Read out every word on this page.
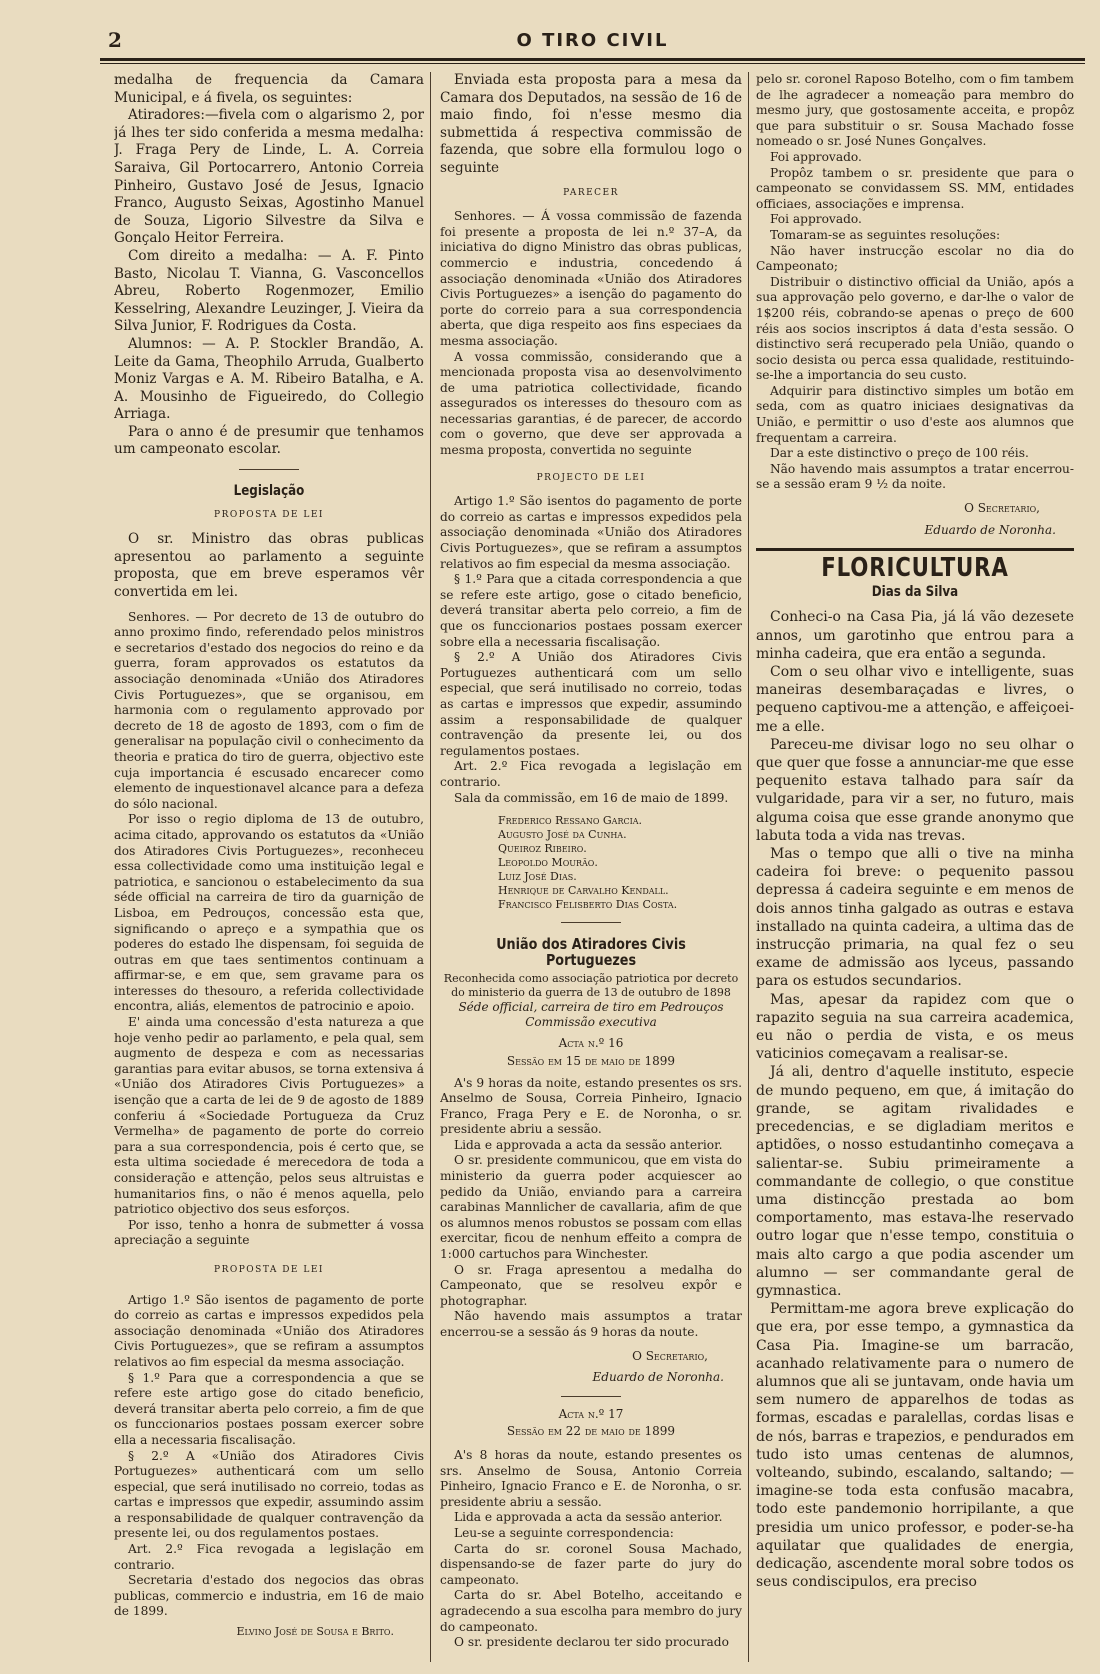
2	O TIRO CIVIL

medalha de frequencia da Camara Municipal, e á fivela, os seguintes:

Atiradores:—fivela com o algarismo 2, por já lhes ter sido conferida a mesma medalha: J. Fraga Pery de Linde, L. A. Correia Saraiva, Gil Portocarrero, Antonio Correia Pinheiro, Gustavo José de Jesus, Ignacio Franco, Augusto Seixas, Agostinho Manuel de Souza, Ligorio Silvestre da Silva e Gonçalo Heitor Ferreira.

Com direito a medalha: — A. F. Pinto Basto, Nicolau T. Vianna, G. Vasconcellos Abreu, Roberto Rogenmozer, Emilio Kesselring, Alexandre Leuzinger, J. Vieira da Silva Junior, F. Rodrigues da Costa.

Alumnos: — A. P. Stockler Brandão, A. Leite da Gama, Theophilo Arruda, Gualberto Moniz Vargas e A. M. Ribeiro Batalha, e A. A. Mousinho de Figueiredo, do Collegio Arriaga.

Para o anno é de presumir que tenhamos um campeonato escolar.

Legislação
PROPOSTA DE LEI

O sr. Ministro das obras publicas apresentou ao parlamento a seguinte proposta, que em breve esperamos vêr convertida em lei.

Senhores. — Por decreto de 13 de outubro do anno proximo findo, referendado pelos ministros e secretarios d'estado dos negocios do reino e da guerra, foram approvados os estatutos da associação denominada «União dos Atiradores Civis Portuguezes», que se organisou, em harmonia com o regulamento approvado por decreto de 18 de agosto de 1893, com o fim de generalisar na população civil o conhecimento da theoria e pratica do tiro de guerra, objectivo este cuja importancia é escusado encarecer como elemento de inquestionavel alcance para a defeza do sólo nacional.

Por isso o regio diploma de 13 de outubro, acima citado, approvando os estatutos da «União dos Atiradores Civis Portuguezes», reconheceu essa collectividade como uma instituição legal e patriotica, e sancionou o estabelecimento da sua séde official na carreira de tiro da guarnição de Lisboa, em Pedrouços, concessão esta que, significando o apreço e a sympathia que os poderes do estado lhe dispensam, foi seguida de outras em que taes sentimentos continuam a affirmar-se, e em que, sem gravame para os interesses do thesouro, a referida collectividade encontra, aliás, elementos de patrocinio e apoio.

E' ainda uma concessão d'esta natureza a que hoje venho pedir ao parlamento, e pela qual, sem augmento de despeza e com as necessarias garantias para evitar abusos, se torna extensiva á «União dos Atiradores Civis Portuguezes» a isenção que a carta de lei de 9 de agosto de 1889 conferiu á «Sociedade Portugueza da Cruz Vermelha» de pagamento de porte do correio para a sua correspondencia, pois é certo que, se esta ultima sociedade é merecedora de toda a consideração e attenção, pelos seus altruistas e humanitarios fins, o não é menos aquella, pelo patriotico objectivo dos seus esforços.

Por isso, tenho a honra de submetter á vossa apreciação a seguinte

PROPOSTA DE LEI

Artigo 1.º São isentos de pagamento de porte do correio as cartas e impressos expedidos pela associação denominada «União dos Atiradores Civis Portuguezes», que se refiram a assumptos relativos ao fim especial da mesma associação.

§ 1.º Para que a correspondencia a que se refere este artigo gose do citado beneficio, deverá transitar aberta pelo correio, a fim de que os funccionarios postaes possam exercer sobre ella a necessaria fiscalisação.

§ 2.º A «União dos Atiradores Civis Portuguezes» authenticará com um sello especial, que será inutilisado no correio, todas as cartas e impressos que expedir, assumindo assim a responsabilidade de qualquer contravenção da presente lei, ou dos regulamentos postaes.

Art. 2.º Fica revogada a legislação em contrario.

Secretaria d'estado dos negocios das obras publicas, commercio e industria, em 16 de maio de 1899.

Elvino José de Sousa e Brito.

Enviada esta proposta para a mesa da Camara dos Deputados, na sessão de 16 de maio findo, foi n'esse mesmo dia submettida á respectiva commissão de fazenda, que sobre ella formulou logo o seguinte

PARECER

Senhores. — Á vossa commissão de fazenda foi presente a proposta de lei n.º 37–A, da iniciativa do digno Ministro das obras publicas, commercio e industria, concedendo á associação denominada «União dos Atiradores Civis Portuguezes» a isenção do pagamento do porte do correio para a sua correspondencia aberta, que diga respeito aos fins especiaes da mesma associação.

A vossa commissão, considerando que a mencionada proposta visa ao desenvolvimento de uma patriotica collectividade, ficando assegurados os interesses do thesouro com as necessarias garantias, é de parecer, de accordo com o governo, que deve ser approvada a mesma proposta, convertida no seguinte

PROJECTO DE LEI

Artigo 1.º São isentos do pagamento de porte do correio as cartas e impressos expedidos pela associação denominada «União dos Atiradores Civis Portuguezes», que se refiram a assumptos relativos ao fim especial da mesma associação.

§ 1.º Para que a citada correspondencia a que se refere este artigo, gose o citado beneficio, deverá transitar aberta pelo correio, a fim de que os funccionarios postaes possam exercer sobre ella a necessaria fiscalisação.

§ 2.º A União dos Atiradores Civis Portuguezes authenticará com um sello especial, que será inutilisado no correio, todas as cartas e impressos que expedir, assumindo assim a responsabilidade de qualquer contravenção da presente lei, ou dos regulamentos postaes.

Art. 2.º Fica revogada a legislação em contrario.

Sala da commissão, em 16 de maio de 1899.

Frederico Ressano Garcia.
Augusto José da Cunha.
Queiroz Ribeiro.
Leopoldo Mourão.
Luiz José Dias.
Henrique de Carvalho Kendall.
Francisco Felisberto Dias Costa.
União dos Atiradores Civis Portuguezes
Reconhecida como associação patriotica por decreto do ministerio da guerra de 13 de outubro de 1898
Séde official, carreira de tiro em Pedrouços
Commissão executiva
Acta n.º 16
Sessão em 15 de maio de 1899

A's 9 horas da noite, estando presentes os srs. Anselmo de Sousa, Correia Pinheiro, Ignacio Franco, Fraga Pery e E. de Noronha, o sr. presidente abriu a sessão.

Lida e approvada a acta da sessão anterior.

O sr. presidente communicou, que em vista do ministerio da guerra poder acquiescer ao pedido da União, enviando para a carreira carabinas Mannlicher de cavallaria, afim de que os alumnos menos robustos se possam com ellas exercitar, ficou de nenhum effeito a compra de 1:000 cartuchos para Winchester.

O sr. Fraga apresentou a medalha do Campeonato, que se resolveu expôr e photographar.

Não havendo mais assumptos a tratar encerrou-se a sessão ás 9 horas da noute.

O Secretario,
Eduardo de Noronha.
Acta n.º 17
Sessão em 22 de maio de 1899

A's 8 horas da noute, estando presentes os srs. Anselmo de Sousa, Antonio Correia Pinheiro, Ignacio Franco e E. de Noronha, o sr. presidente abriu a sessão.

Lida e approvada a acta da sessão anterior.

Leu-se a seguinte correspondencia:

Carta do sr. coronel Sousa Machado, dispensando-se de fazer parte do jury do campeonato.

Carta do sr. Abel Botelho, acceitando e agradecendo a sua escolha para membro do jury do campeonato.

O sr. presidente declarou ter sido procurado

pelo sr. coronel Raposo Botelho, com o fim tambem de lhe agradecer a nomeação para membro do mesmo jury, que gostosamente acceita, e propôz que para substituir o sr. Sousa Machado fosse nomeado o sr. José Nunes Gonçalves.

Foi approvado.

Propôz tambem o sr. presidente que para o campeonato se convidassem SS. MM, entidades officiaes, associações e imprensa.

Foi approvado.

Tomaram-se as seguintes resoluções:

Não haver instrucção escolar no dia do Campeonato;

Distribuir o distinctivo official da União, após a sua approvação pelo governo, e dar-lhe o valor de 1$200 réis, cobrando-se apenas o preço de 600 réis aos socios inscriptos á data d'esta sessão. O distinctivo será recuperado pela União, quando o socio desista ou perca essa qualidade, restituindo-se-lhe a importancia do seu custo.

Adquirir para distinctivo simples um botão em seda, com as quatro iniciaes designativas da União, e permittir o uso d'este aos alumnos que frequentam a carreira.

Dar a este distinctivo o preço de 100 réis.

Não havendo mais assumptos a tratar encerrou-se a sessão eram 9 ½ da noite.

O Secretario,
Eduardo de Noronha.
FLORICULTURA
Dias da Silva

Conheci-o na Casa Pia, já lá vão dezesete annos, um garotinho que entrou para a minha cadeira, que era então a segunda.

Com o seu olhar vivo e intelligente, suas maneiras desembaraçadas e livres, o pequeno captivou-me a attenção, e affeiçoei-me a elle.

Pareceu-me divisar logo no seu olhar o que quer que fosse a annunciar-me que esse pequenito estava talhado para saír da vulgaridade, para vir a ser, no futuro, mais alguma coisa que esse grande anonymo que labuta toda a vida nas trevas.

Mas o tempo que alli o tive na minha cadeira foi breve: o pequenito passou depressa á cadeira seguinte e em menos de dois annos tinha galgado as outras e estava installado na quinta cadeira, a ultima das de instrucção primaria, na qual fez o seu exame de admissão aos lyceus, passando para os estudos secundarios.

Mas, apesar da rapidez com que o rapazito seguia na sua carreira academica, eu não o perdia de vista, e os meus vaticinios começavam a realisar-se.

Já ali, dentro d'aquelle instituto, especie de mundo pequeno, em que, á imitação do grande, se agitam rivalidades e precedencias, e se digladiam meritos e aptidões, o nosso estudantinho começava a salientar-se. Subiu primeiramente a commandante de collegio, o que constitue uma distincção prestada ao bom comportamento, mas estava-lhe reservado outro logar que n'esse tempo, constituia o mais alto cargo a que podia ascender um alumno — ser commandante geral de gymnastica.

Permittam-me agora breve explicação do que era, por esse tempo, a gymnastica da Casa Pia. Imagine-se um barracão, acanhado relativamente para o numero de alumnos que ali se juntavam, onde havia um sem numero de apparelhos de todas as formas, escadas e paralellas, cordas lisas e de nós, barras e trapezios, e pendurados em tudo isto umas centenas de alumnos, volteando, subindo, escalando, saltando; — imagine-se toda esta confusão macabra, todo este pandemonio horripilante, a que presidia um unico professor, e poder-se-ha aquilatar que qualidades de energia, dedicação, ascendente moral sobre todos os seus condiscipulos, era preciso
